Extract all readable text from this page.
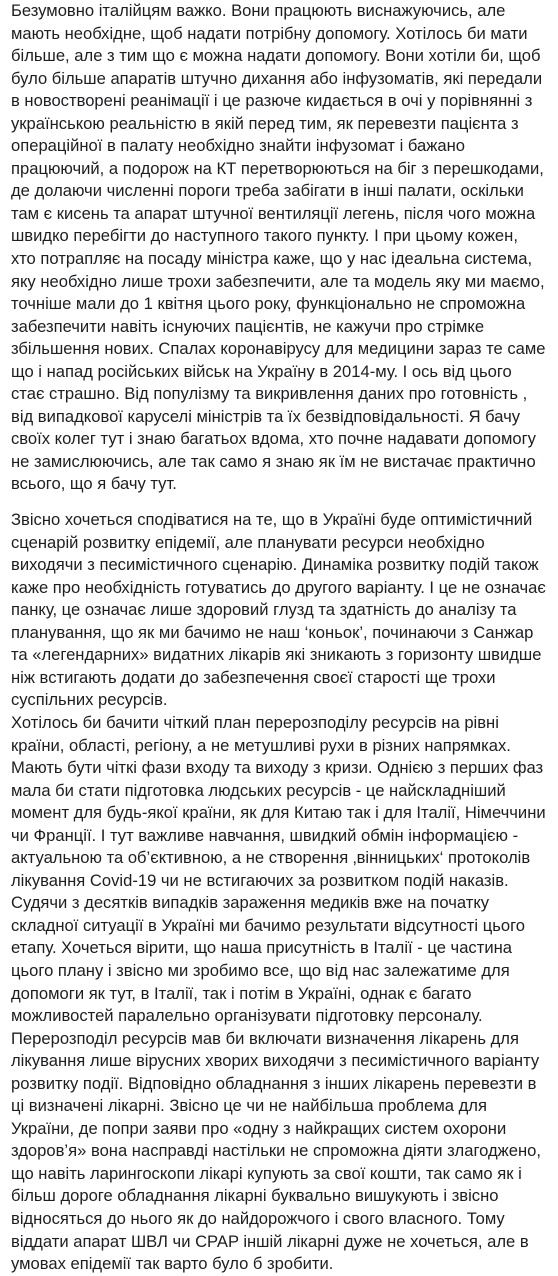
Безумовно італійцям важко. Вони працюють виснажуючись, але мають необхідне, щоб надати потрібну допомогу. Хотілось би мати більше, але з тим що є можна надати допомогу. Вони хотіли би, щоб було більше апаратів штучно дихання або інфузоматів, які передали в новостворені реанімації і це разюче кидається в очі у порівнянні з українською реальністю в якій перед тим, як перевезти пацієнта з операційної в палату необхідно знайти інфузомат і бажано працюючий, а подорож на КТ перетворюються на біг з перешкодами, де долаючи численні пороги треба забігати в інші палати, оскільки там є кисень та апарат штучної вентиляції легень, після чого можна швидко перебігти до наступного такого пункту. І при цьому кожен, хто потрапляє на посаду міністра каже, що у нас ідеальна система, яку необхідно лише трохи забезпечити, але та модель яку ми маємо, точніше мали до 1 квітня цього року, функціонально не спроможна забезпечити навіть існуючих пацієнтів, не кажучи про стрімке збільшення нових. Спалах коронавірусу для медицини зараз те саме що і напад російських військ на Україну в 2014-му. І ось від цього стає страшно. Від популізму та викривлення даних про готовність , від випадкової каруселі міністрів та їх безвідповідальності. Я бачу своїх колег тут і знаю багатьох вдома, хто почне надавати допомогу не замислюючись, але так само я знаю як їм не вистачає практично всього, що я бачу тут.

Звісно хочеться сподіватися на те, що в Україні буде оптимістичний сценарій розвитку епідемії, але планувати ресурси необхідно виходячи з песимістичного сценарію. Динаміка розвитку подій також каже про необхідність готуватись до другого варіанту. І це не означає панку, це означає лише здоровий глузд та здатність до аналізу та планування, що як ми бачимо не наш ‘коньок’, починаючи з Санжар та «легендарних» видатних лікарів які зникають з горизонту швидше ніж встигають додати до забезпечення своєї старості ще трохи суспільних ресурсів.

Хотілось би бачити чіткий план перерозподілу ресурсів на рівні країни, області, регіону, а не метушливі рухи в різних напрямках. Мають бути чіткі фази входу та виходу з кризи. Однією з перших фаз мала би стати підготовка людських ресурсів - це найскладніший момент для будь-якої країни, як для Китаю так і для Італії, Німеччини чи Франції. І тут важливе навчання, швидкий обмін інформацією - актуальною та об’єктивною, а не створення ‚вінницьких‘ протоколів лікування Covid-19 чи не встигаючих за розвитком подій наказів.

Судячи з десятків випадків зараження медиків вже на початку складної ситуації в Україні ми бачимо результати відсутності цього етапу. Хочеться вірити, що наша присутність в Італії - це частина цього плану і звісно ми зробимо все, що від нас залежатиме для допомоги як тут, в Італії, так і потім в Україні, однак є багато можливостей паралельно організувати підготовку персоналу.

Перерозподіл ресурсів мав би включати визначення лікарень для лікування лише вірусних хворих виходячи з песимістичного варіанту розвитку події. Відповідно обладнання з інших лікарень перевезти в ці визначені лікарні. Звісно це чи не найбільша проблема для України, де попри заяви про «одну з найкращих систем охорони здоров’я» вона насправді настільки не спроможна діяти злагоджено, що навіть ларингоскопи лікарі купують за свої кошти, так само як і більш дороге обладнання лікарні буквально вишукують і звісно відносяться до нього як до найдорожчого і свого власного. Тому віддати апарат ШВЛ чи CPAP іншій лікарні дуже не хочеться, але в умовах епідемії так варто було б зробити.
